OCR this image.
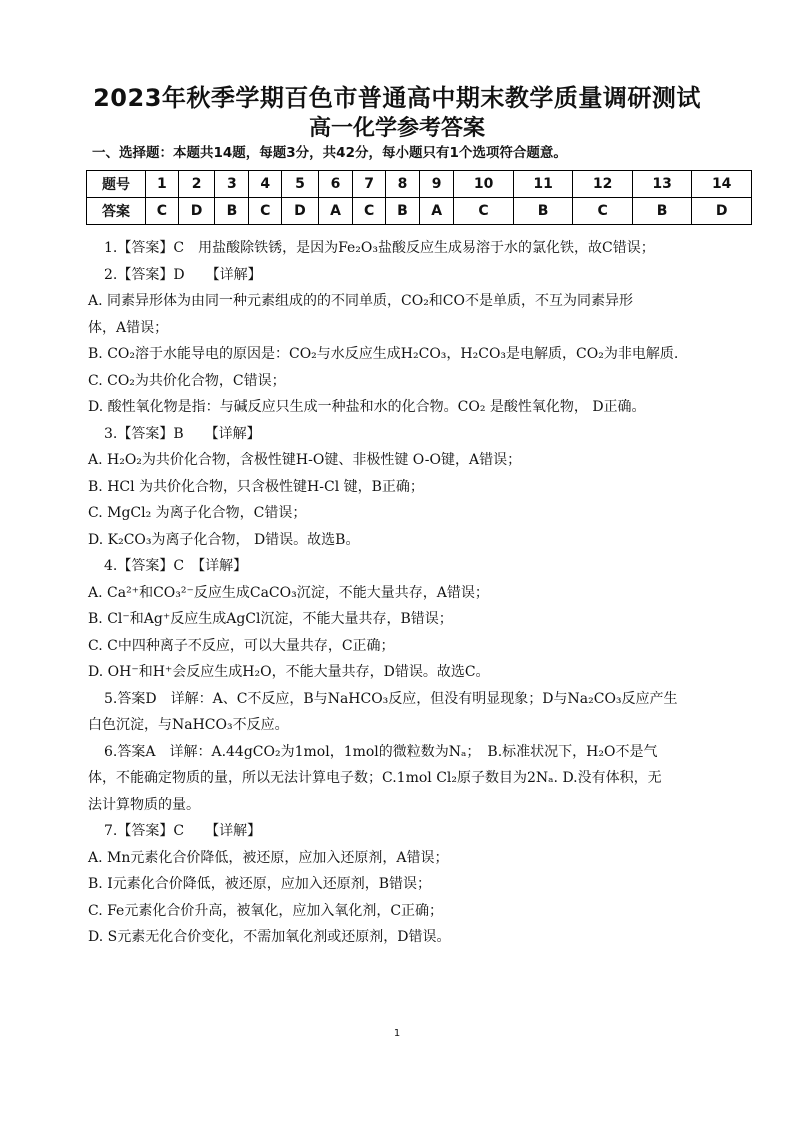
2023年秋季学期百色市普通高中期末教学质量调研测试
高一化学参考答案
一、选择题：本题共14题，每题3分，共42分，每小题只有1个选项符合题意。
题号	1	2	3	4	5	6	7	8	9	10	11	12	13	14
答案	C	D	B	C	D	A	C	B	A	C	B	C	B	D
1.【答案】C　用盐酸除铁锈，是因为Fe₂O₃盐酸反应生成易溶于水的氯化铁，故C错误；
2.【答案】D　　【详解】
A. 同素异形体为由同一种元素组成的的不同单质，CO₂和CO不是单质，不互为同素异形
体，A错误；
B. CO₂溶于水能导电的原因是：CO₂与水反应生成H₂CO₃，H₂CO₃是电解质，CO₂为非电解质.
C. CO₂为共价化合物，C错误；
D. 酸性氧化物是指：与碱反应只生成一种盐和水的化合物。CO₂ 是酸性氧化物， D正确。
3.【答案】B　　【详解】
A. H₂O₂为共价化合物，含极性键H-O键、非极性键 O-O键，A错误；
B. HCl 为共价化合物，只含极性键H-Cl 键，B正确；
C. MgCl₂ 为离子化合物，C错误；
D. K₂CO₃为离子化合物， D错误。故选B。
4.【答案】C　【详解】
A. Ca²⁺和CO₃²⁻反应生成CaCO₃沉淀，不能大量共存，A错误；
B. Cl⁻和Ag⁺反应生成AgCl沉淀，不能大量共存，B错误；
C. C中四种离子不反应，可以大量共存，C正确；
D. OH⁻和H⁺会反应生成H₂O，不能大量共存，D错误。故选C。
5.答案D　详解：A、C不反应，B与NaHCO₃反应，但没有明显现象；D与Na₂CO₃反应产生
白色沉淀，与NaHCO₃不反应。
6.答案A　详解：A.44gCO₂为1mol，1mol的微粒数为Nₐ；　B.标准状况下，H₂O不是气
体，不能确定物质的量，所以无法计算电子数；C.1mol Cl₂原子数目为2Nₐ. D.没有体积，无
法计算物质的量。
7.【答案】C　　【详解】
A. Mn元素化合价降低，被还原，应加入还原剂，A错误；
B. I元素化合价降低，被还原，应加入还原剂，B错误；
C. Fe元素化合价升高，被氧化，应加入氧化剂，C正确；
D. S元素无化合价变化，不需加氧化剂或还原剂，D错误。
1
